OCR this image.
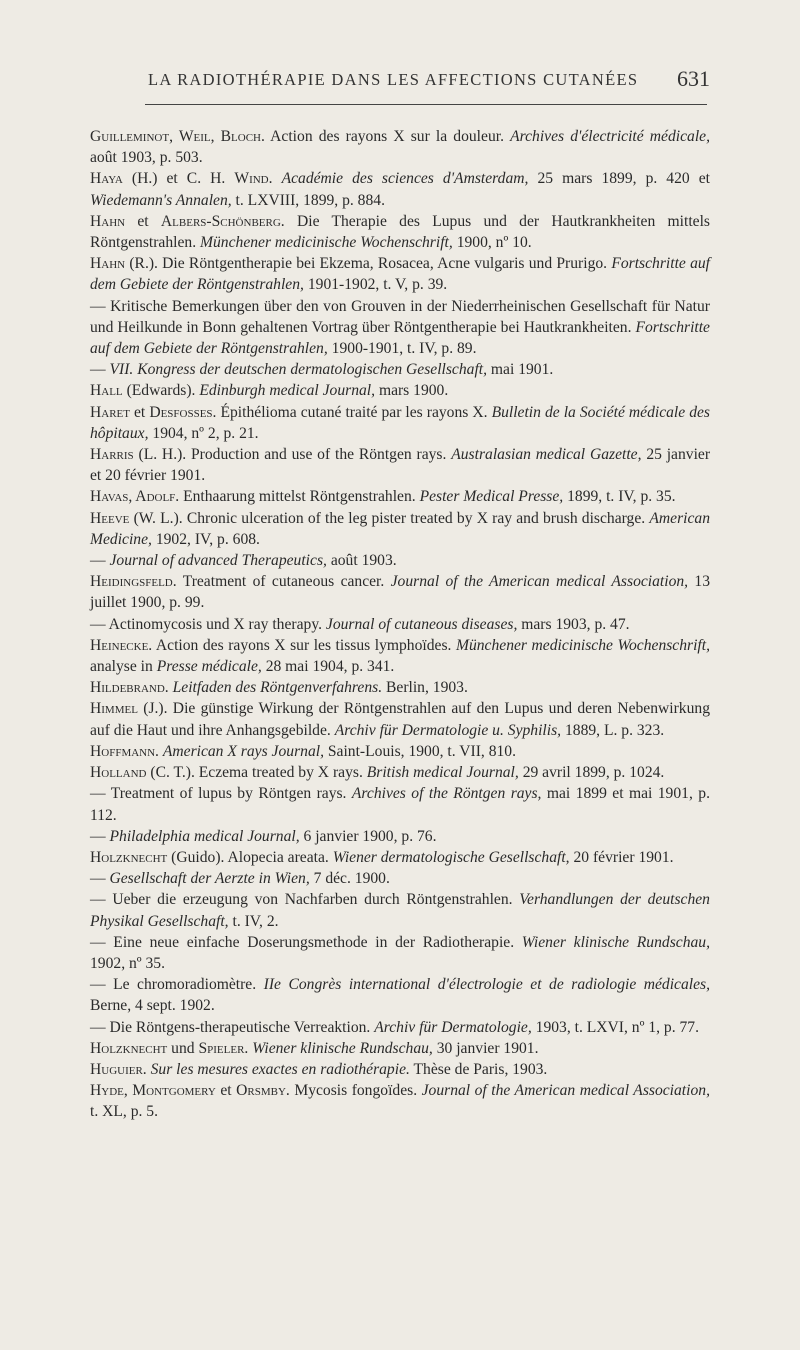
LA RADIOTHÉRAPIE DANS LES AFFECTIONS CUTANÉES 631
Guilleminot, Weil, Bloch. Action des rayons X sur la douleur. Archives d'électricité médicale, août 1903, p. 503.
Haya (H.) et C. H. Wind. Académie des sciences d'Amsterdam, 25 mars 1899, p. 420 et Wiedemann's Annalen, t. LXVIII, 1899, p. 884.
Hahn et Albers-Schönberg. Die Therapie des Lupus und der Hautkrankheiten mittels Röntgenstrahlen. Münchener medicinische Wochenschrift, 1900, nº 10.
Hahn (R.). Die Röntgentherapie bei Ekzema, Rosacea, Acne vulgaris und Prurigo. Fortschritte auf dem Gebiete der Röntgenstrahlen, 1901-1902, t. V, p. 39.
— Kritische Bemerkungen über den von Grouven in der Niederrheinischen Gesellschaft für Natur und Heilkunde in Bonn gehaltenen Vortrag über Röntgentherapie bei Hautkrankheiten. Fortschritte auf dem Gebiete der Röntgenstrahlen, 1900-1901, t. IV, p. 89.
— VII. Kongress der deutschen dermatologischen Gesellschaft, mai 1901.
Hall (Edwards). Edinburgh medical Journal, mars 1900.
Haret et Desfosses. Épithélioma cutané traité par les rayons X. Bulletin de la Société médicale des hôpitaux, 1904, nº 2, p. 21.
Harris (L. H.). Production and use of the Röntgen rays. Australasian medical Gazette, 25 janvier et 20 février 1901.
Havas, Adolf. Enthaarung mittelst Röntgenstrahlen. Pester Medical Presse, 1899, t. IV, p. 35.
Heeve (W. L.). Chronic ulceration of the leg pister treated by X ray and brush discharge. American Medicine, 1902, IV, p. 608.
— Journal of advanced Therapeutics, août 1903.
Heidingsfeld. Treatment of cutaneous cancer. Journal of the American medical Association, 13 juillet 1900, p. 99.
— Actinomycosis und X ray therapy. Journal of cutaneous diseases, mars 1903, p. 47.
Heinecke. Action des rayons X sur les tissus lymphoïdes. Münchener medicinische Wochenschrift, analyse in Presse médicale, 28 mai 1904, p. 341.
Hildebrand. Leitfaden des Röntgenverfahrens. Berlin, 1903.
Himmel (J.). Die günstige Wirkung der Röntgenstrahlen auf den Lupus und deren Nebenwirkung auf die Haut und ihre Anhangsgebilde. Archiv für Dermatologie u. Syphilis, 1889, L. p. 323.
Hoffmann. American X rays Journal, Saint-Louis, 1900, t. VII, 810.
Holland (C. T.). Eczema treated by X rays. British medical Journal, 29 avril 1899, p. 1024.
— Treatment of lupus by Röntgen rays. Archives of the Röntgen rays, mai 1899 et mai 1901, p. 112.
— Philadelphia medical Journal, 6 janvier 1900, p. 76.
Holzknecht (Guido). Alopecia areata. Wiener dermatologische Gesellschaft, 20 février 1901.
— Gesellschaft der Aerzte in Wien, 7 déc. 1900.
— Ueber die erzeugung von Nachfarben durch Röntgenstrahlen. Verhandlungen der deutschen Physikal Gesellschaft, t. IV, 2.
— Eine neue einfache Doserungsmethode in der Radiotherapie. Wiener klinische Rundschau, 1902, nº 35.
— Le chromoradiomètre. IIe Congrès international d'électrologie et de radiologie médicales, Berne, 4 sept. 1902.
— Die Röntgens-therapeutische Verreaktion. Archiv für Dermatologie, 1903, t. LXVI, nº 1, p. 77.
Holzknecht und Spieler. Wiener klinische Rundschau, 30 janvier 1901.
Huguier. Sur les mesures exactes en radiothérapie. Thèse de Paris, 1903.
Hyde, Montgomery et Orsmby. Mycosis fongoïdes. Journal of the American medical Association, t. XL, p. 5.
